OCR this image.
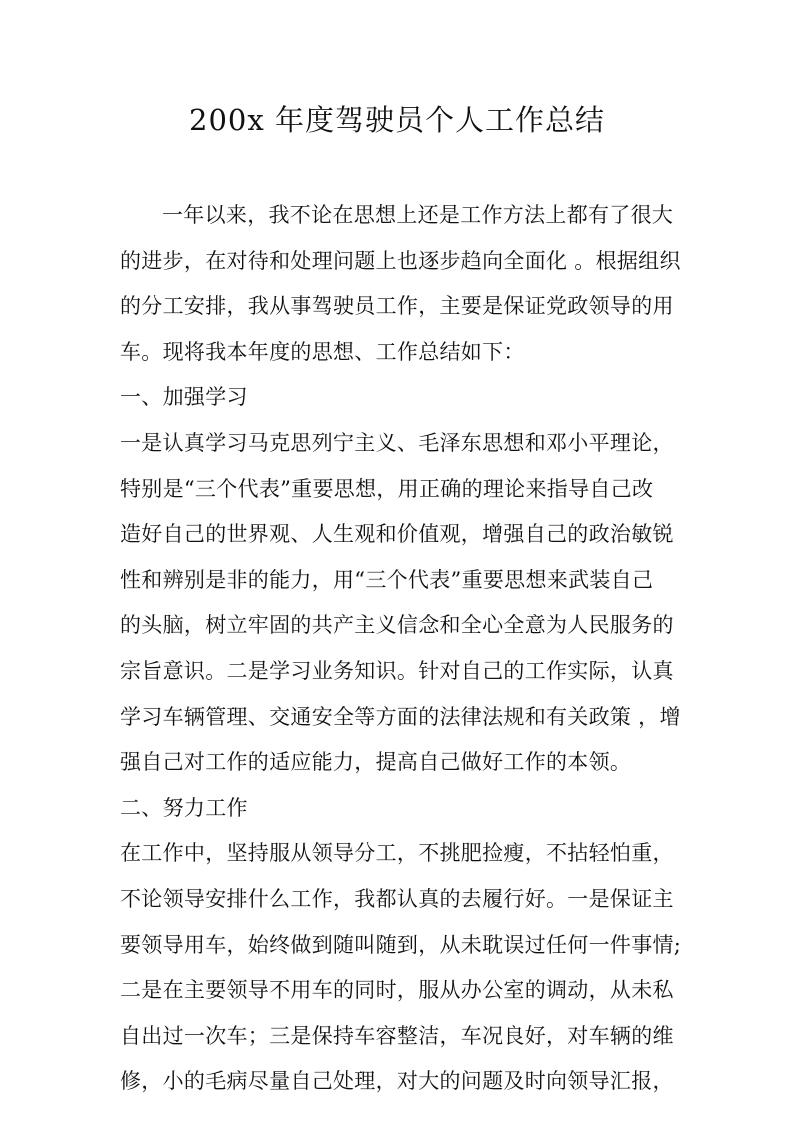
200x 年度驾驶员个人工作总结
一年以来，我不论在思想上还是工作方法上都有了很大
的进步，在对待和处理问题上也逐步趋向全面化 。根据组织
的分工安排，我从事驾驶员工作，主要是保证党政领导的用
车。现将我本年度的思想、工作总结如下：
一、加强学习
一是认真学习马克思列宁主义、毛泽东思想和邓小平理论，
特别是“三个代表”重要思想，用正确的理论来指导自己改
造好自己的世界观、人生观和价值观，增强自己的政治敏锐
性和辨别是非的能力，用“三个代表”重要思想来武装自己
的头脑，树立牢固的共产主义信念和全心全意为人民服务的
宗旨意识。二是学习业务知识。针对自己的工作实际，认真
学习车辆管理、交通安全等方面的法律法规和有关政策 ，增
强自己对工作的适应能力，提高自己做好工作的本领。
二、努力工作
在工作中，坚持服从领导分工，不挑肥捡瘦，不拈轻怕重，
不论领导安排什么工作，我都认真的去履行好。一是保证主
要领导用车，始终做到随叫随到，从未耽误过任何一件事情;
二是在主要领导不用车的同时，服从办公室的调动，从未私
自出过一次车；三是保持车容整洁，车况良好，对车辆的维
修，小的毛病尽量自己处理，对大的问题及时向领导汇报，
